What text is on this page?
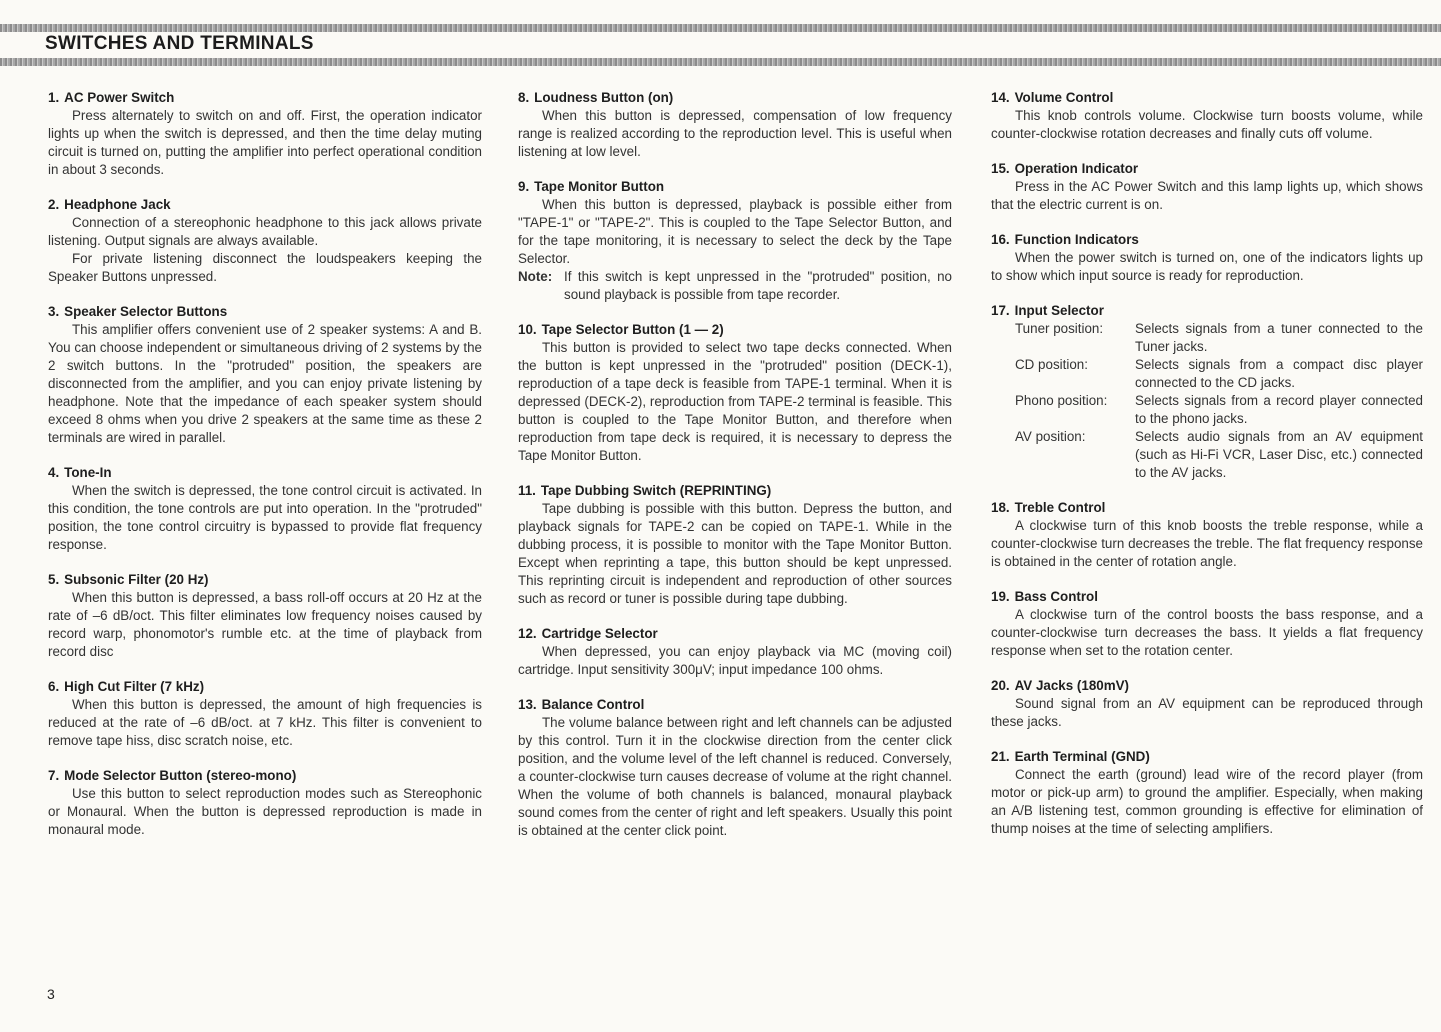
SWITCHES AND TERMINALS
1. AC Power Switch

Press alternately to switch on and off. First, the operation indicator lights up when the switch is depressed, and then the time delay muting circuit is turned on, putting the amplifier into perfect operational condition in about 3 seconds.

2. Headphone Jack

Connection of a stereophonic headphone to this jack allows private listening. Output signals are always available.

For private listening disconnect the loudspeakers keeping the Speaker Buttons unpressed.

3. Speaker Selector Buttons

This amplifier offers convenient use of 2 speaker systems: A and B. You can choose independent or simultaneous driving of 2 systems by the 2 switch buttons. In the "protruded" position, the speakers are disconnected from the amplifier, and you can enjoy private listening by headphone. Note that the impedance of each speaker system should exceed 8 ohms when you drive 2 speakers at the same time as these 2 terminals are wired in parallel.

4. Tone-In

When the switch is depressed, the tone control circuit is activated. In this condition, the tone controls are put into operation. In the "protruded" position, the tone control circuitry is bypassed to provide flat frequency response.

5. Subsonic Filter (20 Hz)

When this button is depressed, a bass roll-off occurs at 20 Hz at the rate of –6 dB/oct. This filter eliminates low frequency noises caused by record warp, phonomotor's rumble etc. at the time of playback from record disc

6. High Cut Filter (7 kHz)

When this button is depressed, the amount of high frequencies is reduced at the rate of –6 dB/oct. at 7 kHz. This filter is convenient to remove tape hiss, disc scratch noise, etc.

7. Mode Selector Button (stereo-mono)

Use this button to select reproduction modes such as Stereophonic or Monaural. When the button is depressed reproduction is made in monaural mode.

8. Loudness Button (on)

When this button is depressed, compensation of low frequency range is realized according to the reproduction level. This is useful when listening at low level.

9. Tape Monitor Button

When this button is depressed, playback is possible either from "TAPE-1" or "TAPE-2". This is coupled to the Tape Selector Button, and for the tape monitoring, it is necessary to select the deck by the Tape Selector.

Note: If this switch is kept unpressed in the "protruded" position, no sound playback is possible from tape recorder.
10. Tape Selector Button (1 — 2)

This button is provided to select two tape decks connected. When the button is kept unpressed in the "protruded" position (DECK-1), reproduction of a tape deck is feasible from TAPE-1 terminal. When it is depressed (DECK-2), reproduction from TAPE-2 terminal is feasible. This button is coupled to the Tape Monitor Button, and therefore when reproduction from tape deck is required, it is necessary to depress the Tape Monitor Button.

11. Tape Dubbing Switch (REPRINTING)

Tape dubbing is possible with this button. Depress the button, and playback signals for TAPE-2 can be copied on TAPE-1. While in the dubbing process, it is possible to monitor with the Tape Monitor Button. Except when reprinting a tape, this button should be kept unpressed. This reprinting circuit is independent and reproduction of other sources such as record or tuner is possible during tape dubbing.

12. Cartridge Selector

When depressed, you can enjoy playback via MC (moving coil) cartridge. Input sensitivity 300μV; input impedance 100 ohms.

13. Balance Control

The volume balance between right and left channels can be adjusted by this control. Turn it in the clockwise direction from the center click position, and the volume level of the left channel is reduced. Conversely, a counter-clockwise turn causes decrease of volume at the right channel. When the volume of both channels is balanced, monaural playback sound comes from the center of right and left speakers. Usually this point is obtained at the center click point.

14. Volume Control

This knob controls volume. Clockwise turn boosts volume, while counter-clockwise rotation decreases and finally cuts off volume.

15. Operation Indicator

Press in the AC Power Switch and this lamp lights up, which shows that the electric current is on.

16. Function Indicators

When the power switch is turned on, one of the indicators lights up to show which input source is ready for reproduction.

17. Input Selector
Tuner position:	Selects signals from a tuner connected to the Tuner jacks.
CD position:	Selects signals from a compact disc player connected to the CD jacks.
Phono position:	Selects signals from a record player connected to the phono jacks.
AV position:	Selects audio signals from an AV equipment (such as Hi-Fi VCR, Laser Disc, etc.) connected to the AV jacks.
18. Treble Control

A clockwise turn of this knob boosts the treble response, while a counter-clockwise turn decreases the treble. The flat frequency response is obtained in the center of rotation angle.

19. Bass Control

A clockwise turn of the control boosts the bass response, and a counter-clockwise turn decreases the bass. It yields a flat frequency response when set to the rotation center.

20. AV Jacks (180mV)

Sound signal from an AV equipment can be reproduced through these jacks.

21. Earth Terminal (GND)

Connect the earth (ground) lead wire of the record player (from motor or pick-up arm) to ground the amplifier. Especially, when making an A/B listening test, common grounding is effective for elimination of thump noises at the time of selecting amplifiers.

3
